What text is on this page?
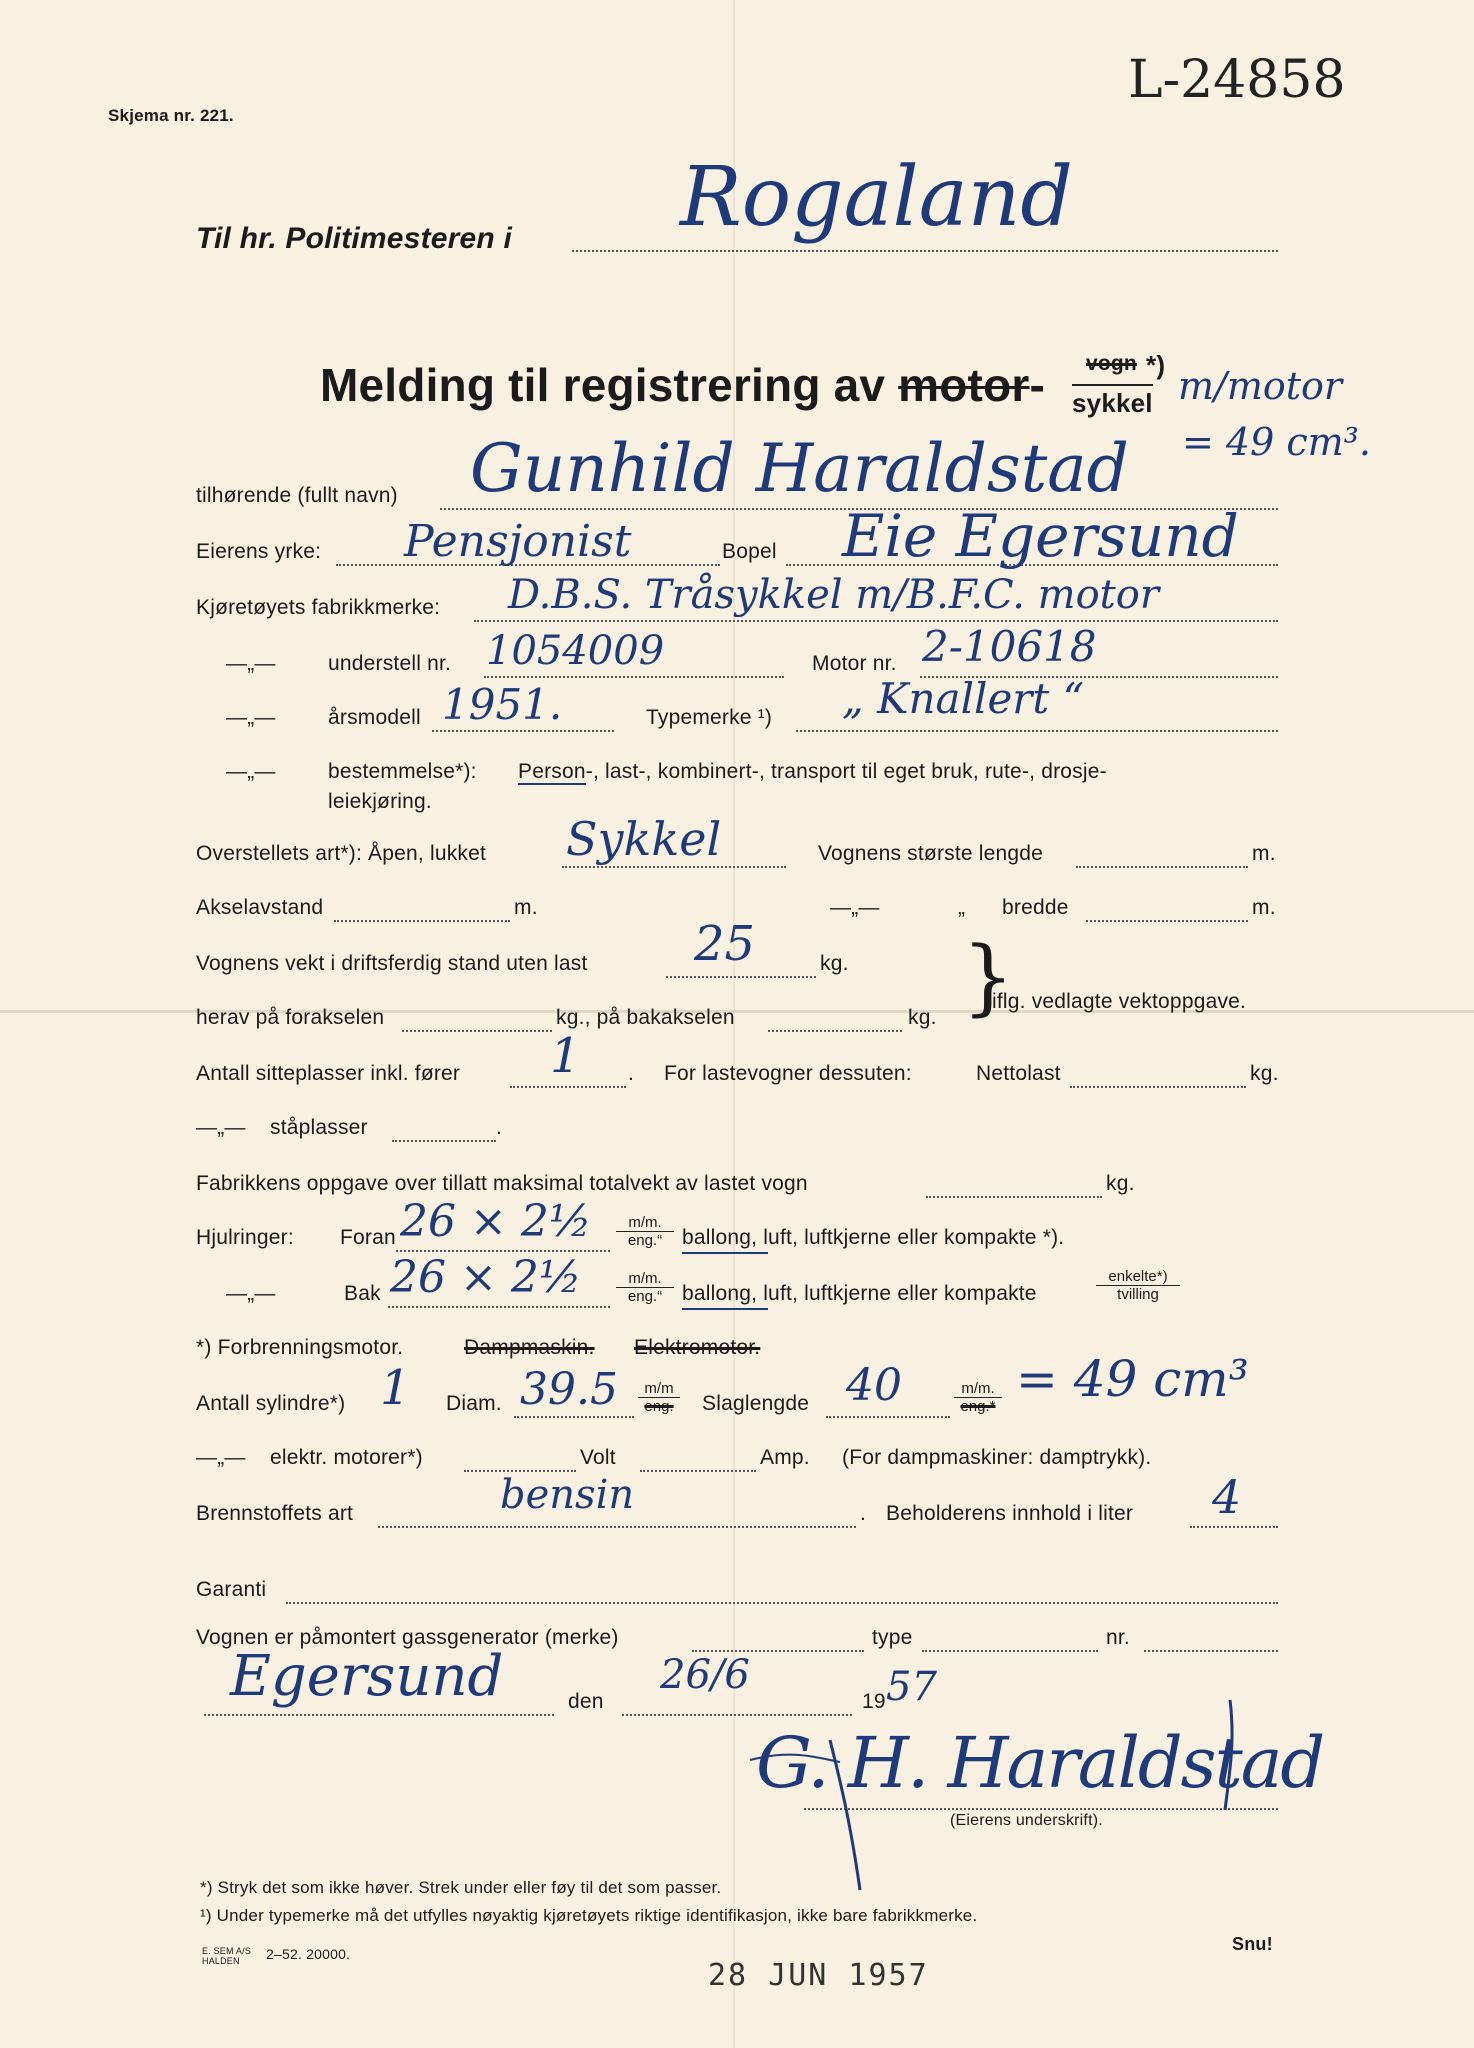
L-24858
Skjema nr. 221.
Til hr. Politimesteren i Rogaland
Melding til registrering av motor- vogn *)
sykkel m/motor
= 49 cm³.
tilhørende (fullt navn) Gunhild Haraldstad
Eierens yrke: Pensjonist	Bopel Eie Egersund
Kjøretøyets fabrikkmerke: D.B.S. Tråsykkel m/B.F.C. motor
—„— understell nr. 1054009	Motor nr. 2-10618
—„— årsmodell 1951.	Typemerke ¹) „ Knallert “
—„— bestemmelse*): Person-, last-, kombinert-, transport til eget bruk, rute-, drosje-
leiekjøring.
Overstellets art*): Åpen, lukket Sykkel	Vognens største lengde	m.
Akselavstand	m.	—„—	„ bredde	m.
Vognens vekt i driftsferdig stand uten last 25	kg.
herav på forakselen	kg., på bakakselen	kg. }
iflg. vedlagte vektoppgave.
Antall sitteplasser inkl. fører 1 . For lastevogner dessuten:	Nettolast	kg.
—„— ståplasser	.
Fabrikkens oppgave over tillatt maksimal totalvekt av lastet vogn	kg.
Hjulringer: Foran 26 × 2½	m/m.
eng.“ ballong, luft, luftkjerne eller kompakte *).
—„—	Bak 26 × 2½	m/m.
eng.“ ballong, luft, luftkjerne eller kompakte
enkelte*)
tvilling
*) Forbrenningsmotor.	Dampmaskin. Elektromotor.
Antall sylindre*) 1 Diam. 39.5	m/m
eng.	Slaglengde 40	m/m.
eng.* = 49 cm³
—„— elektr. motorer*)	Volt	Amp. (For dampmaskiner: damptrykk).
Brennstoffets art	bensin	. Beholderens innhold i liter 4
Garanti
Vognen er påmontert gassgenerator (merke)	type	nr.
Egersund	den
26/6
19 57
G. H. Haraldstad
(Eierens underskrift).
*) Stryk det som ikke høver. Strek under eller føy til det som passer.
¹) Under typemerke må det utfylles nøyaktig kjøretøyets riktige identifikasjon, ikke bare fabrikkmerke.
E. SEM A/S
HALDEN	2–52. 20000.
28 JUN 1957
Snu!
